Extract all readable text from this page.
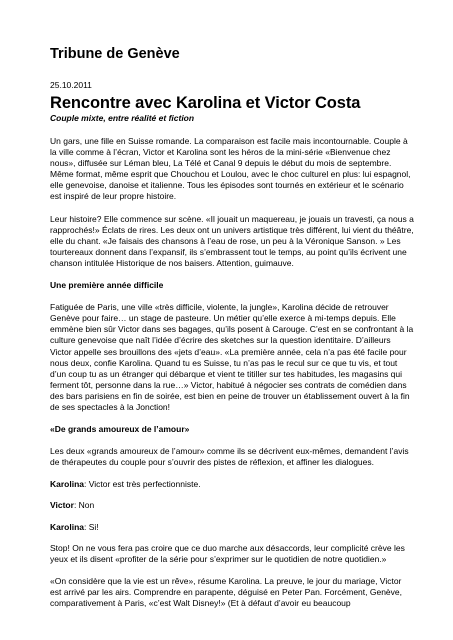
Tribune de Genève
25.10.2011
Rencontre avec Karolina et Victor Costa
Couple mixte, entre réalité et fiction

Un gars, une fille en Suisse romande. La comparaison est facile mais incontournable. Couple à la ville comme à l’écran, Victor et Karolina sont les héros de la mini-série «Bienvenue chez nous», diffusée sur Léman bleu, La Télé et Canal 9 depuis le début du mois de septembre. Même format, même esprit que Chouchou et Loulou, avec le choc culturel en plus: lui espagnol, elle genevoise, danoise et italienne. Tous les épisodes sont tournés en extérieur et le scénario est inspiré de leur propre histoire.

Leur histoire? Elle commence sur scène. «Il jouait un maquereau, je jouais un travesti, ça nous a rapprochés!» Éclats de rires. Les deux ont un univers artistique très différent, lui vient du théâtre, elle du chant. «Je faisais des chansons à l’eau de rose, un peu à la Véronique Sanson. » Les tourtereaux donnent dans l’expansif, ils s’embrassent tout le temps, au point qu’ils écrivent une chanson intitulée Historique de nos baisers. Attention, guimauve.

Une première année difficile

Fatiguée de Paris, une ville «très difficile, violente, la jungle», Karolina décide de retrouver Genève pour faire… un stage de pasteure. Un métier qu’elle exerce à mi-temps depuis. Elle emmène bien sûr Victor dans ses bagages, qu’ils posent à Carouge. C’est en se confrontant à la culture genevoise que naît l’idée d’écrire des sketches sur la question identitaire. D’ailleurs Victor appelle ses brouillons des «jets d’eau». «La première année, cela n’a pas été facile pour nous deux, confie Karolina. Quand tu es Suisse, tu n’as pas le recul sur ce que tu vis, et tout d’un coup tu as un étranger qui débarque et vient te titiller sur tes habitudes, les magasins qui ferment tôt, personne dans la rue…» Victor, habitué à négocier ses contrats de comédien dans des bars parisiens en fin de soirée, est bien en peine de trouver un établissement ouvert à la fin de ses spectacles à la Jonction!

«De grands amoureux de l’amour»

Les deux «grands amoureux de l’amour» comme ils se décrivent eux-mêmes, demandent l’avis de thérapeutes du couple pour s’ouvrir des pistes de réflexion, et affiner les dialogues.

Karolina: Victor est très perfectionniste.

Victor: Non

Karolina: Si!

Stop! On ne vous fera pas croire que ce duo marche aux désaccords, leur complicité crève les yeux et ils disent «profiter de la série pour s’exprimer sur le quotidien de notre quotidien.»

«On considère que la vie est un rêve», résume Karolina. La preuve, le jour du mariage, Victor est arrivé par les airs. Comprendre en parapente, déguisé en Peter Pan. Forcément, Genève, comparativement à Paris, «c’est Walt Disney!» (Et à défaut d’avoir eu beaucoup
